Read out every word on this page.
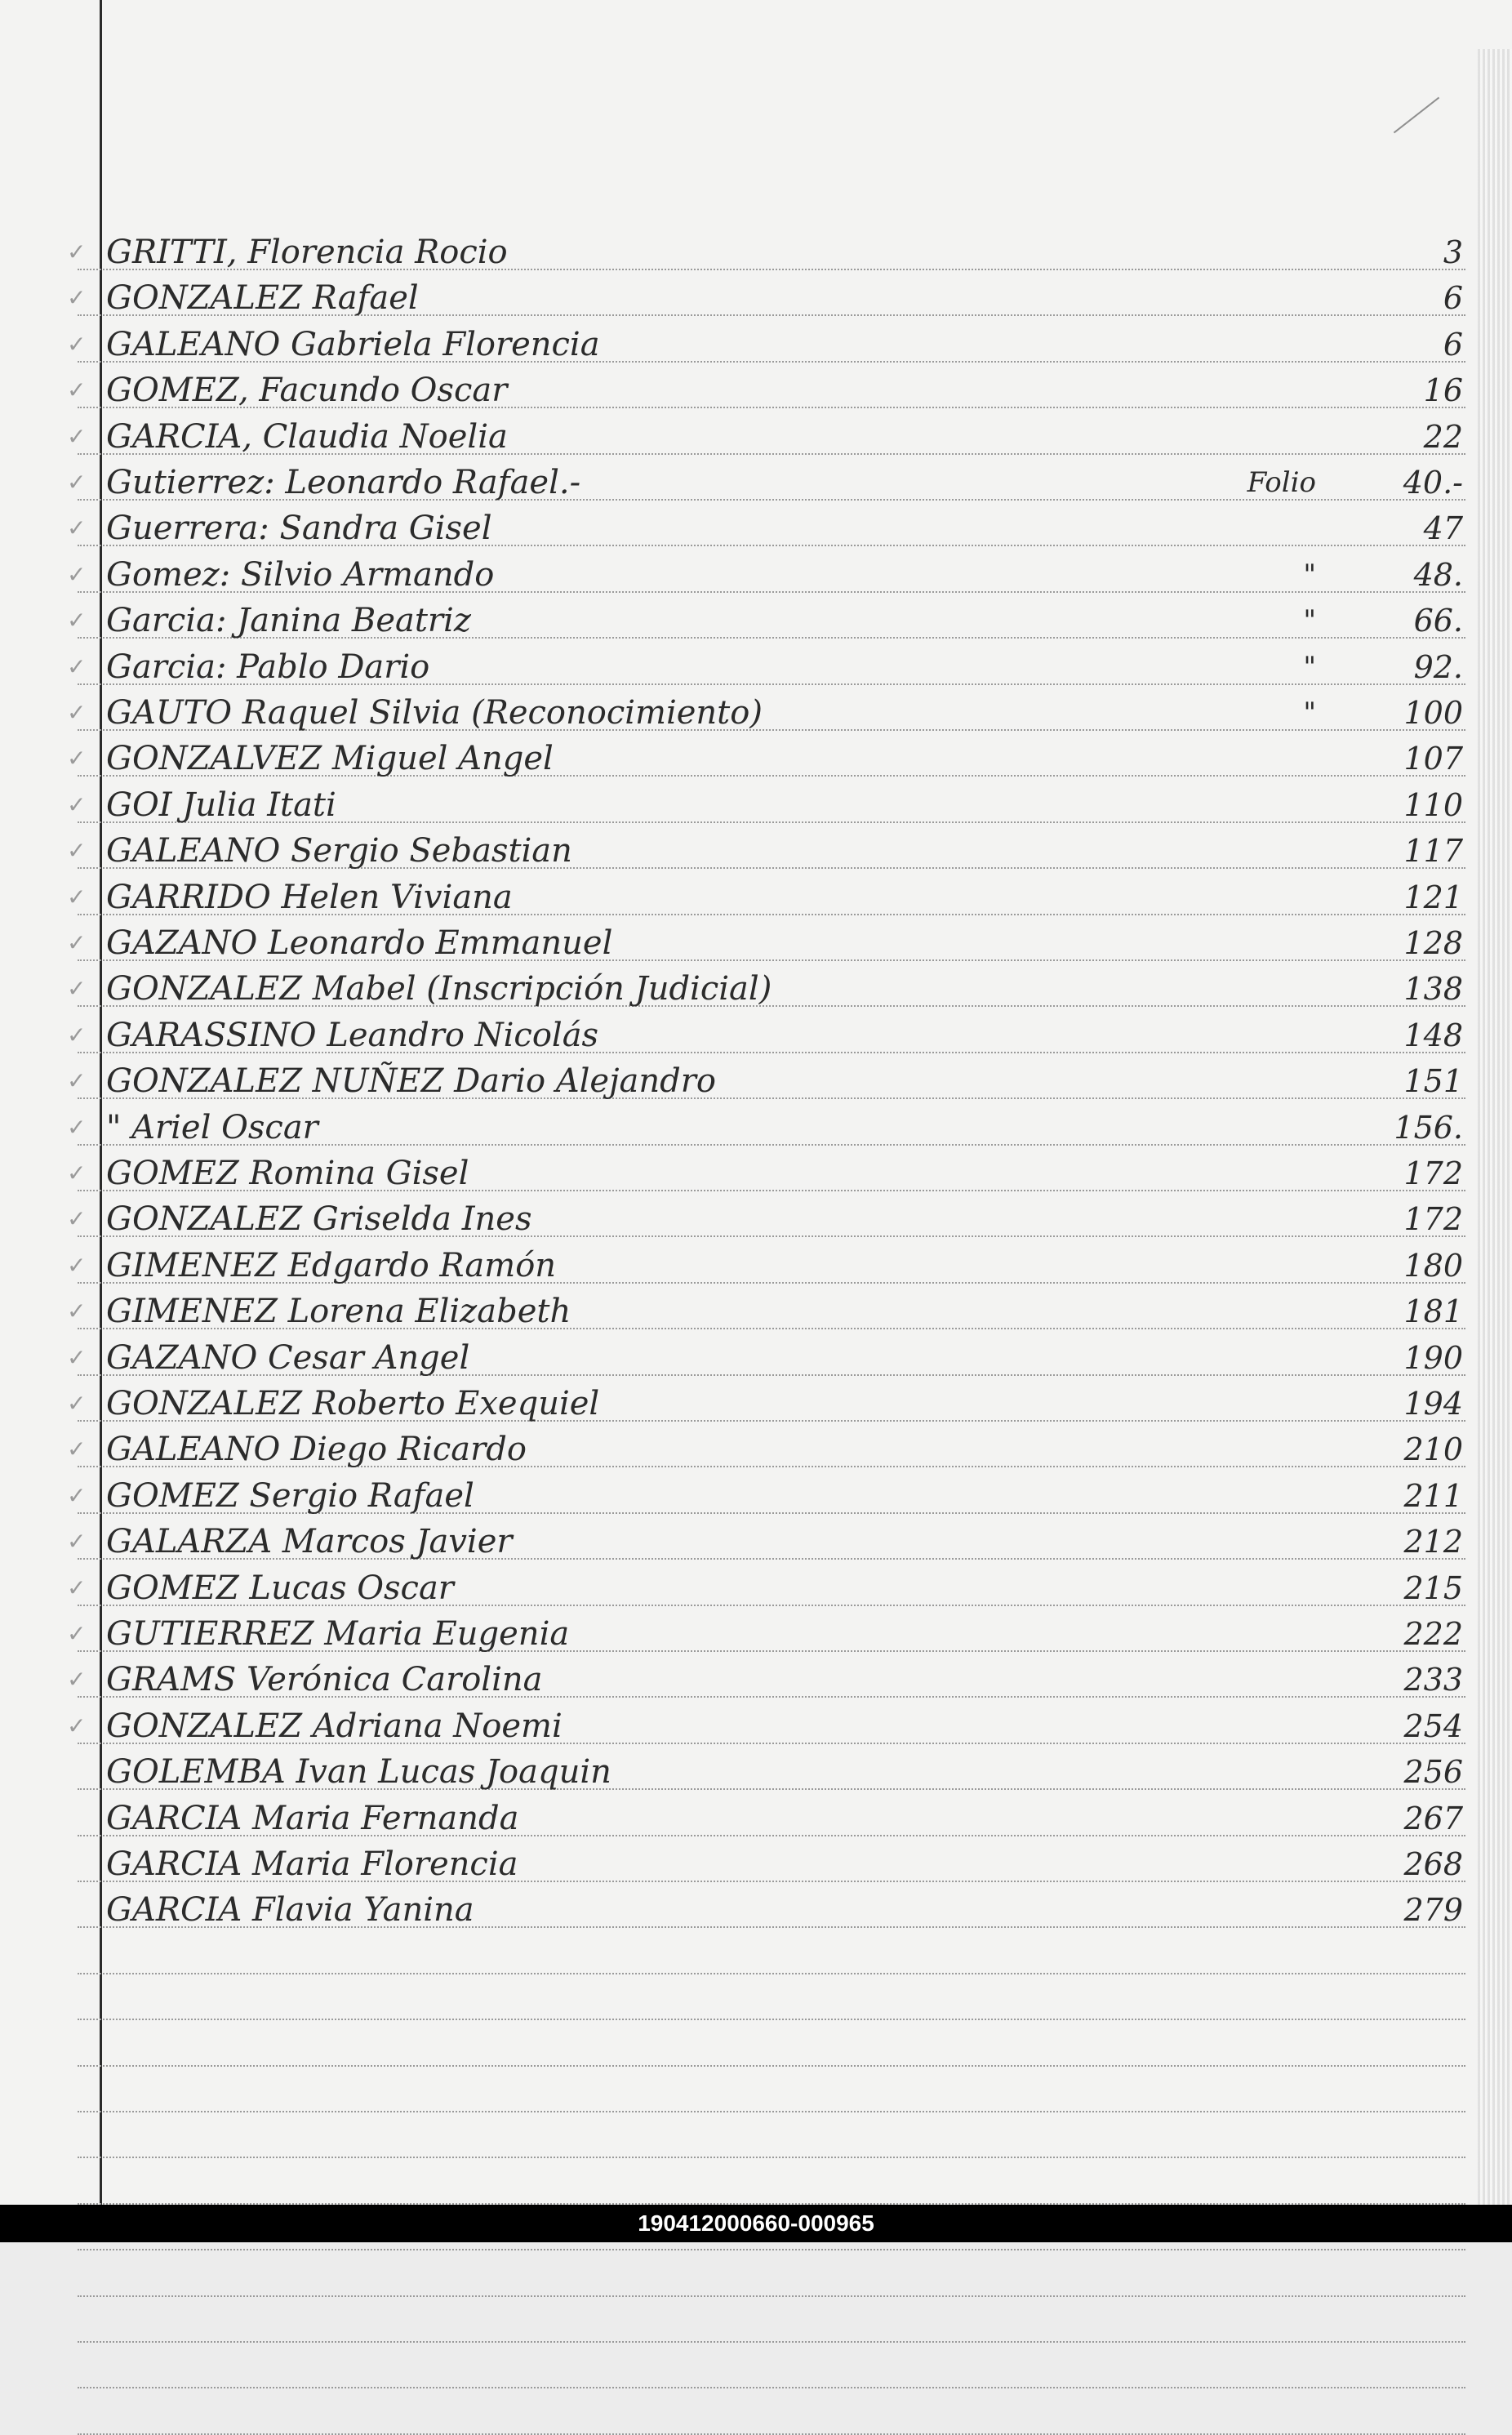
✓ GRITTI, Florencia Rocio	3
✓ GONZALEZ Rafael	6
✓ GALEANO Gabriela Florencia	6
✓ GOMEZ, Facundo Oscar	16
✓ GARCIA, Claudia Noelia	22
✓ Gutierrez: Leonardo Rafael.-	Folio	40.-
✓ Guerrera: Sandra Gisel	47
✓ Gomez: Silvio Armando	"	48.
✓ Garcia: Janina Beatriz	"	66.
✓ Garcia: Pablo Dario	"	92.
✓ GAUTO Raquel Silvia (Reconocimiento)	"	100
✓ GONZALVEZ Miguel Angel	107
✓ GOI Julia Itati	110
✓ GALEANO Sergio Sebastian	117
✓ GARRIDO Helen Viviana	121
✓ GAZANO Leonardo Emmanuel	128
✓ GONZALEZ Mabel (Inscripción Judicial)	138
✓ GARASSINO Leandro Nicolás	148
✓ GONZALEZ NUÑEZ Dario Alejandro	151
✓ " Ariel Oscar	156.
✓ GOMEZ Romina Gisel	172
✓ GONZALEZ Griselda Ines	172
✓ GIMENEZ Edgardo Ramón	180
✓ GIMENEZ Lorena Elizabeth	181
✓ GAZANO Cesar Angel	190
✓ GONZALEZ Roberto Exequiel	194
✓ GALEANO Diego Ricardo	210
✓ GOMEZ Sergio Rafael	211
✓ GALARZA Marcos Javier	212
✓ GOMEZ Lucas Oscar	215
✓ GUTIERREZ Maria Eugenia	222
✓ GRAMS Verónica Carolina	233
✓ GONZALEZ Adriana Noemi	254
GOLEMBA Ivan Lucas Joaquin	256
GARCIA Maria Fernanda	267
GARCIA Maria Florencia	268
GARCIA Flavia Yanina	279
190412000660-000965
